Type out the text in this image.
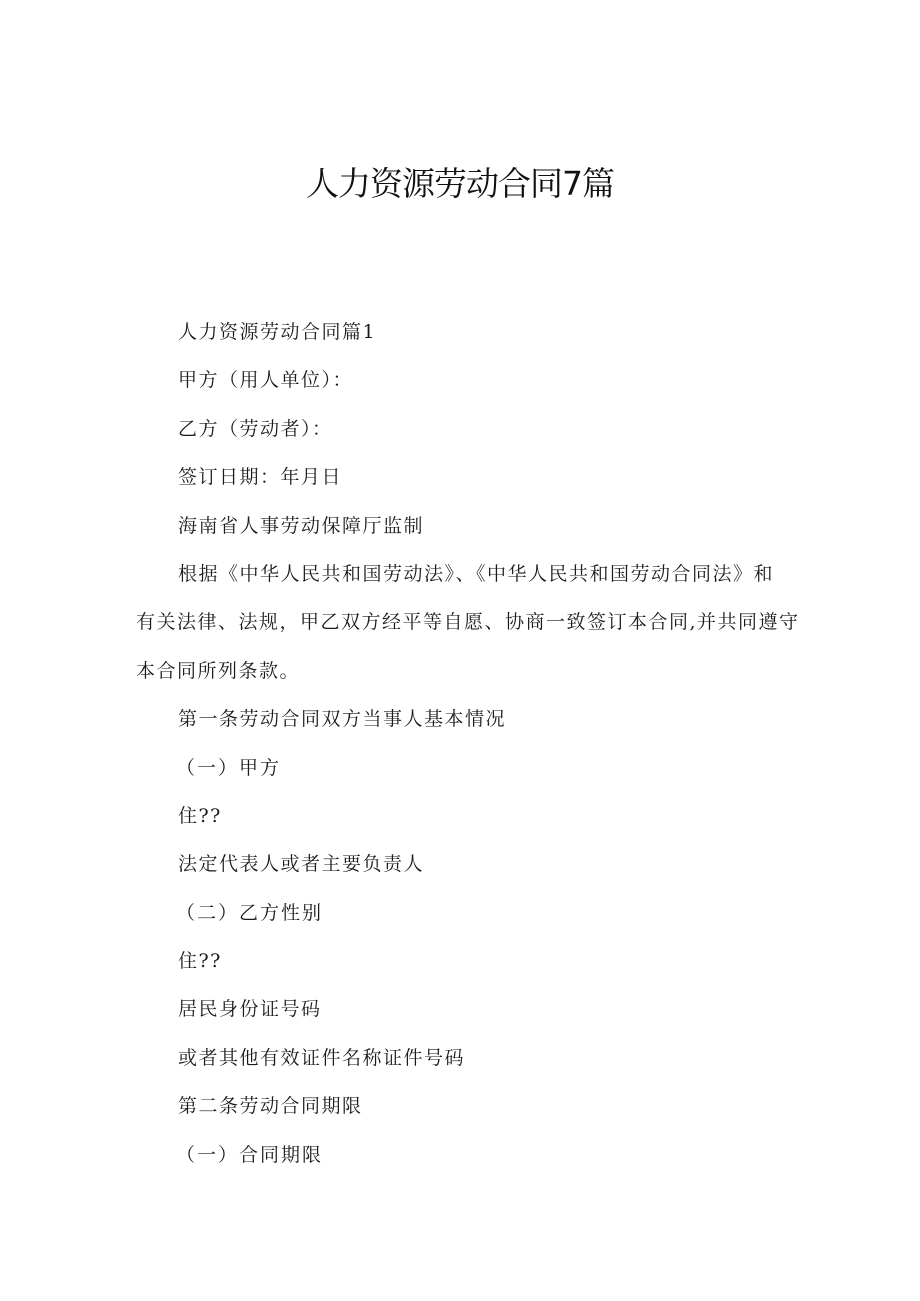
人力资源劳动合同7篇
人力资源劳动合同篇1
甲方（用人单位）：
乙方（劳动者）：
签订日期：年月日
海南省人事劳动保障厅监制
根据《中华人民共和国劳动法》、《中华人民共和国劳动合同法》和
有关法律、法规，甲乙双方经平等自愿、协商一致签订本合同,并共同遵守
本合同所列条款。
第一条劳动合同双方当事人基本情况
（一）甲方
住??
法定代表人或者主要负责人
（二）乙方性别
住??
居民身份证号码
或者其他有效证件名称证件号码
第二条劳动合同期限
（一）合同期限
